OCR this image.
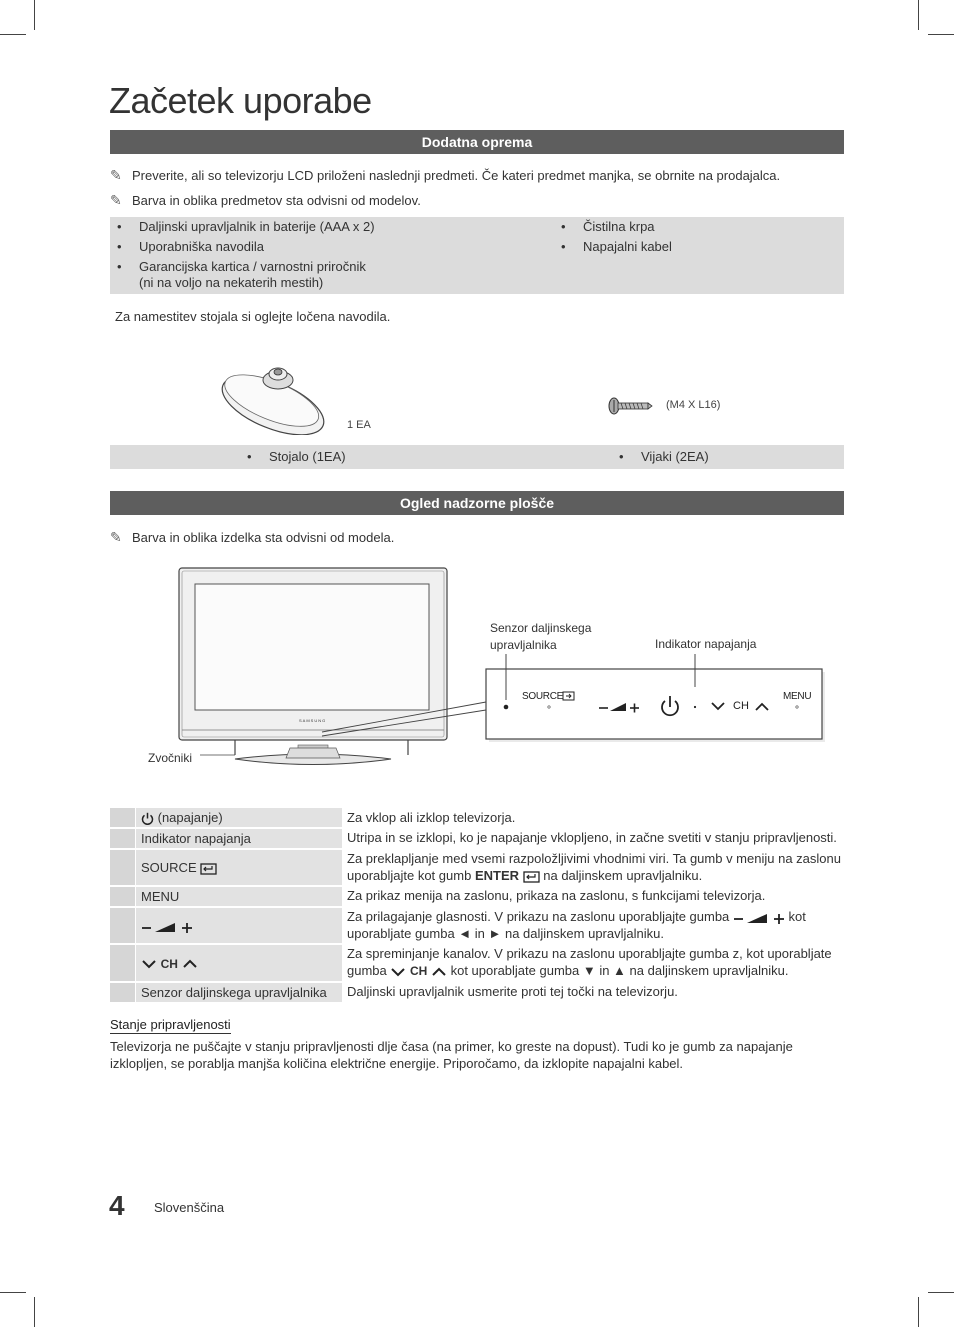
Začetek uporabe
Dodatna oprema
✎ Preverite, ali so televizorju LCD priloženi naslednji predmeti. Če kateri predmet manjka, se obrnite na prodajalca.
✎ Barva in oblika predmetov sta odvisni od modelov.
• Daljinski upravljalnik in baterije (AAA x 2)
• Uporabniška navodila
• Garancijska kartica / varnostni priročnik
(ni na voljo na nekaterih mestih)
• Čistilna krpa
• Napajalni kabel
Za namestitev stojala si oglejte ločena navodila.
1 EA
(M4 X L16)
• Stojalo (1EA)	• Vijaki (2EA)
Ogled nadzorne plošče
✎ Barva in oblika izdelka sta odvisni od modela.
SAMSUNG
Senzor daljinskega
upravljalnika	Indikator napajanja
Zvočniki
SOURCE
CH
MENU
	(napajanje)	Za vklop ali izklop televizorja.
	Indikator napajanja	Utripa in se izklopi, ko je napajanje vklopljeno, in začne svetiti v stanju pripravljenosti.
	SOURCE	Za preklapljanje med vsemi razpoložljivimi vhodnimi viri. Ta gumb v meniju na zaslonu uporabljajte kot gumb ENTER na daljinskem upravljalniku.
	MENU	Za prikaz menija na zaslonu, prikaza na zaslonu, s funkcijami televizorja.
		Za prilagajanje glasnosti. V prikazu na zaslonu uporabljajte gumba kot uporabljate gumba ◄ in ► na daljinskem upravljalniku.
	CH	Za spreminjanje kanalov. V prikazu na zaslonu uporabljajte gumba z, kot uporabljate gumba CH kot uporabljate gumba ▼ in ▲ na daljinskem upravljalniku.
	Senzor daljinskega upravljalnika	Daljinski upravljalnik usmerite proti tej točki na televizorju.
Stanje pripravljenosti
Televizorja ne puščajte v stanju pripravljenosti dlje časa (na primer, ko greste na dopust). Tudi ko je gumb za napajanje izklopljen, se porablja manjša količina električne energije. Priporočamo, da izklopite napajalni kabel.
4 Slovenščina
